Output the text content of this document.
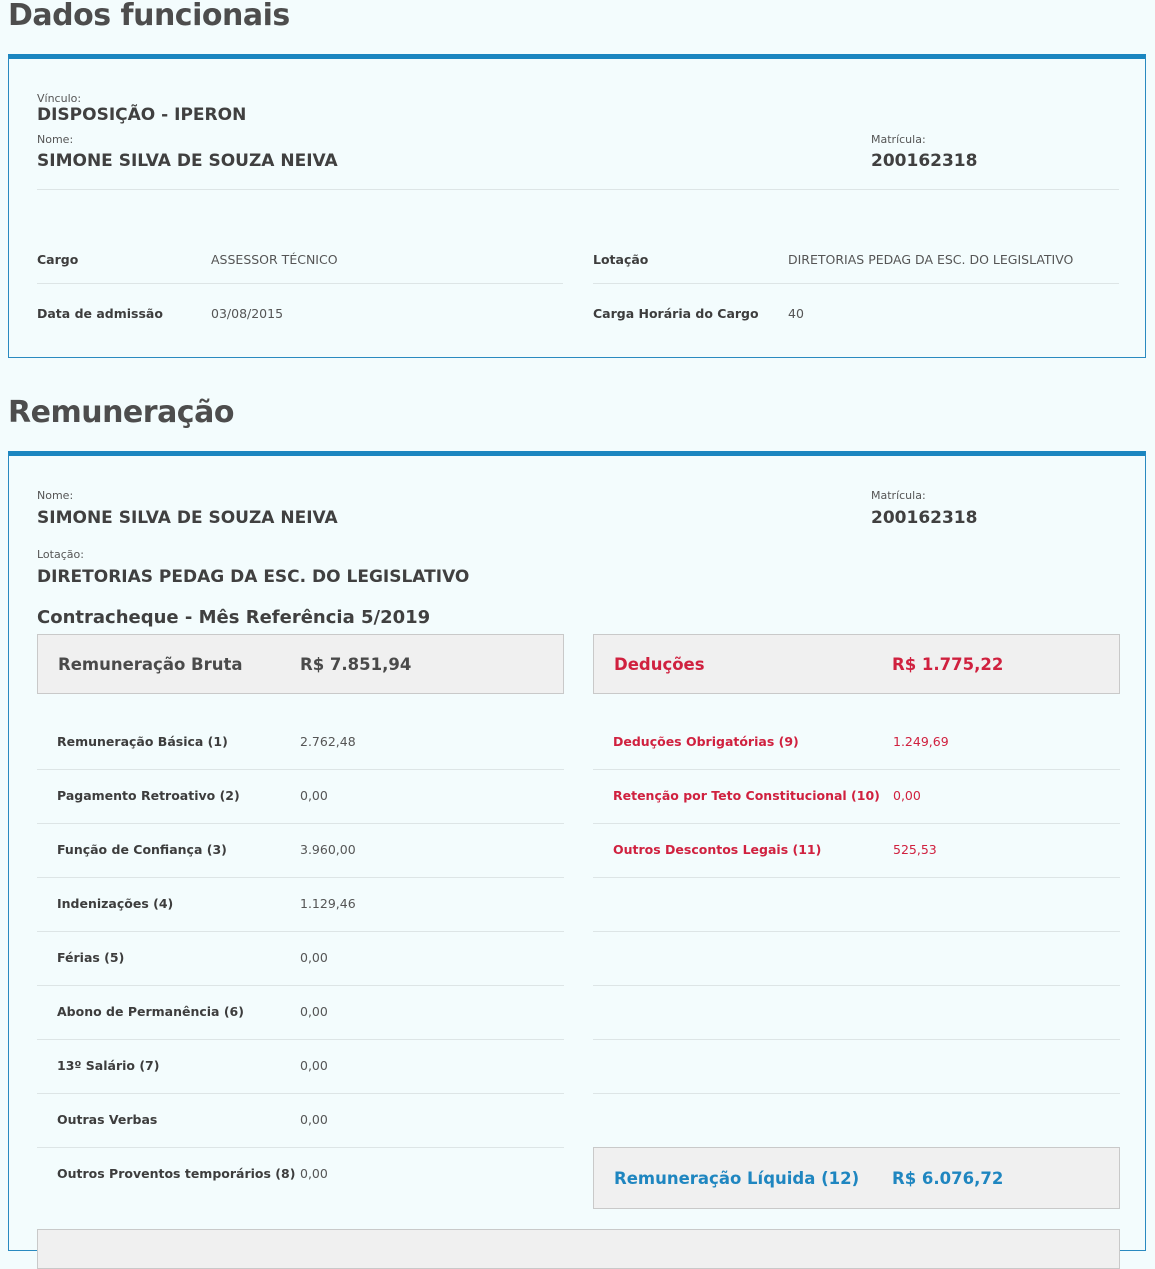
Dados funcionais
Vínculo:
DISPOSIÇÃO - IPERON
Nome:
SIMONE SILVA DE SOUZA NEIVA
Matrícula:
200162318
Cargo	ASSESSOR TÉCNICO	Lotação	DIRETORIAS PEDAG DA ESC. DO LEGISLATIVO
Data de admissão	03/08/2015	Carga Horária do Cargo 40
Remuneração
Nome:
SIMONE SILVA DE SOUZA NEIVA
Matrícula:
200162318
Lotação:
DIRETORIAS PEDAG DA ESC. DO LEGISLATIVO
Contracheque - Mês Referência 5/2019
Remuneração Bruta	R$ 7.851,94	Deduções	R$ 1.775,22
Remuneração Básica (1)	2.762,48
Pagamento Retroativo (2)	0,00
Função de Confiança (3)	3.960,00
Indenizações (4)	1.129,46
Férias (5)	0,00
Abono de Permanência (6)	0,00
13º Salário (7)	0,00
Outras Verbas	0,00
Outros Proventos temporários (8) 0,00
Deduções Obrigatórias (9)	1.249,69
Retenção por Teto Constitucional (10) 0,00
Outros Descontos Legais (11)	525,53
Remuneração Líquida (12) R$ 6.076,72
